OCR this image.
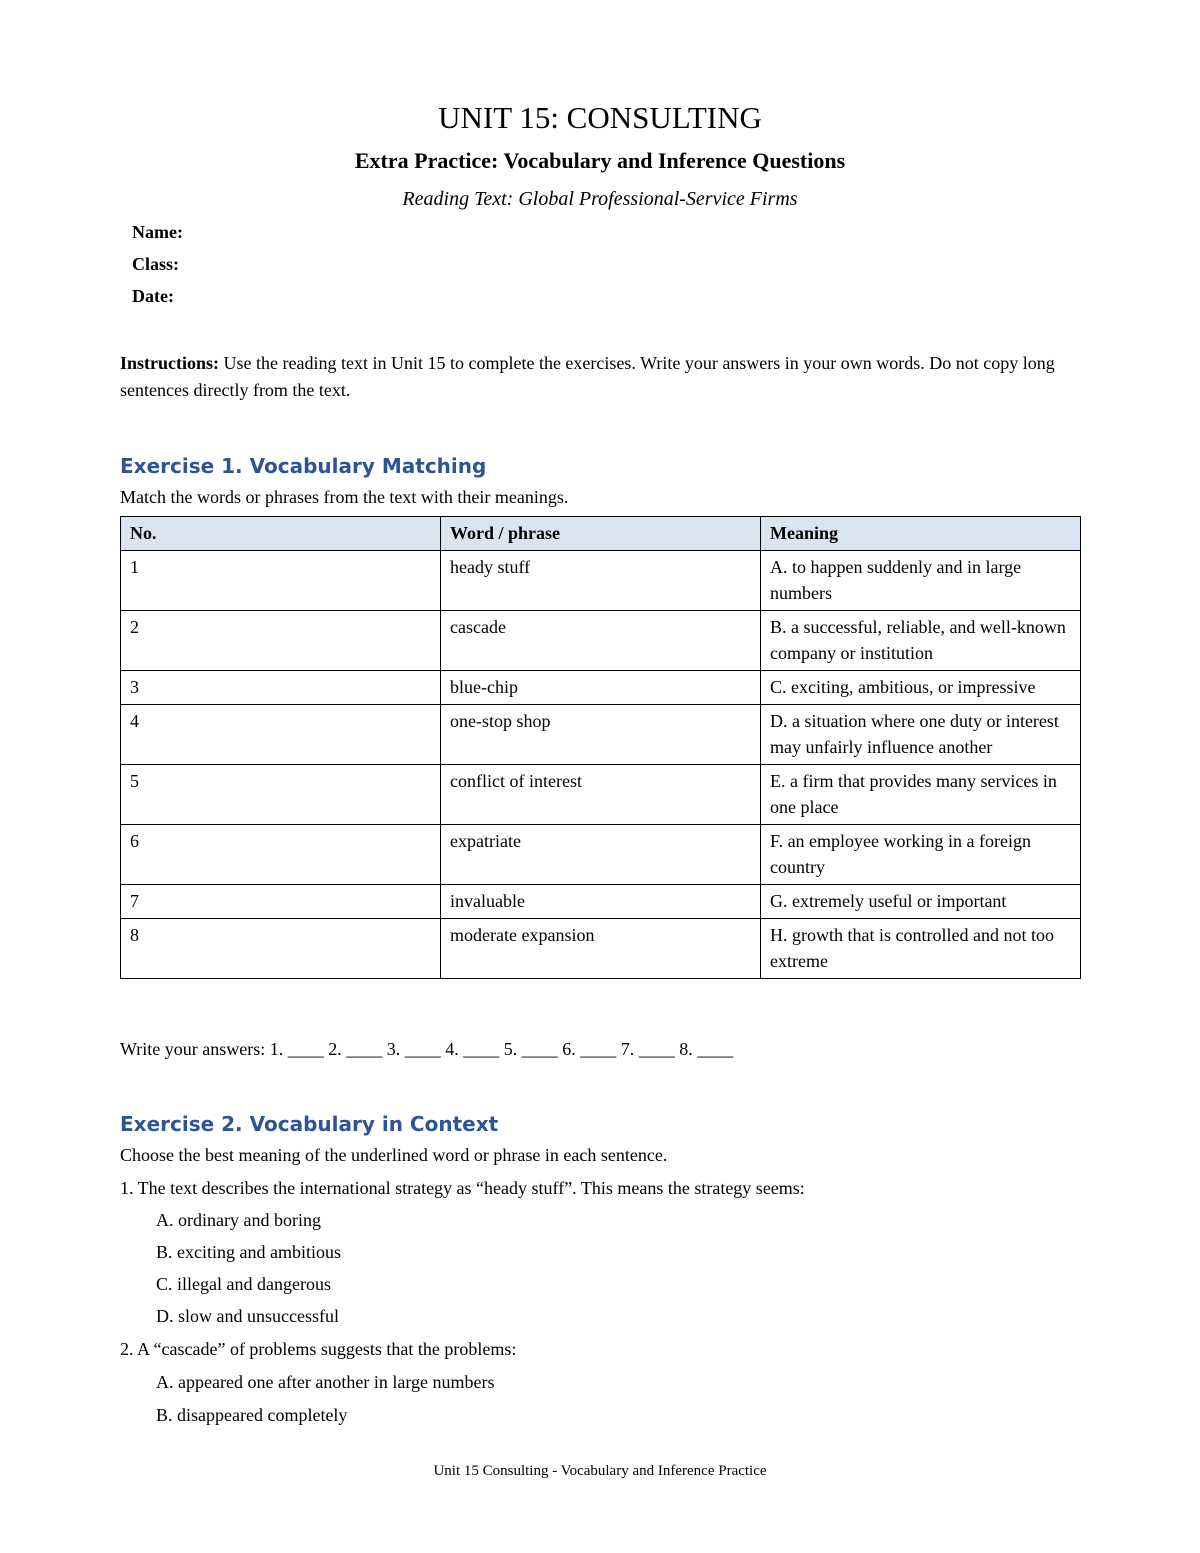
UNIT 15: CONSULTING
Extra Practice: Vocabulary and Inference Questions
Reading Text: Global Professional-Service Firms
Name:
Class:
Date:
Instructions: Use the reading text in Unit 15 to complete the exercises. Write your answers in your own words. Do not copy long sentences directly from the text.
Exercise 1. Vocabulary Matching
Match the words or phrases from the text with their meanings.
No.	Word / phrase	Meaning
1	heady stuff	A. to happen suddenly and in large numbers
2	cascade	B. a successful, reliable, and well-known company or institution
3	blue-chip	C. exciting, ambitious, or impressive
4	one-stop shop	D. a situation where one duty or interest may unfairly influence another
5	conflict of interest	E. a firm that provides many services in one place
6	expatriate	F. an employee working in a foreign country
7	invaluable	G. extremely useful or important
8	moderate expansion	H. growth that is controlled and not too extreme
Write your answers: 1. ____ 2. ____ 3. ____ 4. ____ 5. ____ 6. ____ 7. ____ 8. ____
Exercise 2. Vocabulary in Context
Choose the best meaning of the underlined word or phrase in each sentence.
1. The text describes the international strategy as “heady stuff”. This means the strategy seems:
A. ordinary and boring
B. exciting and ambitious
C. illegal and dangerous
D. slow and unsuccessful
2. A “cascade” of problems suggests that the problems:
A. appeared one after another in large numbers
B. disappeared completely
Unit 15 Consulting - Vocabulary and Inference Practice
